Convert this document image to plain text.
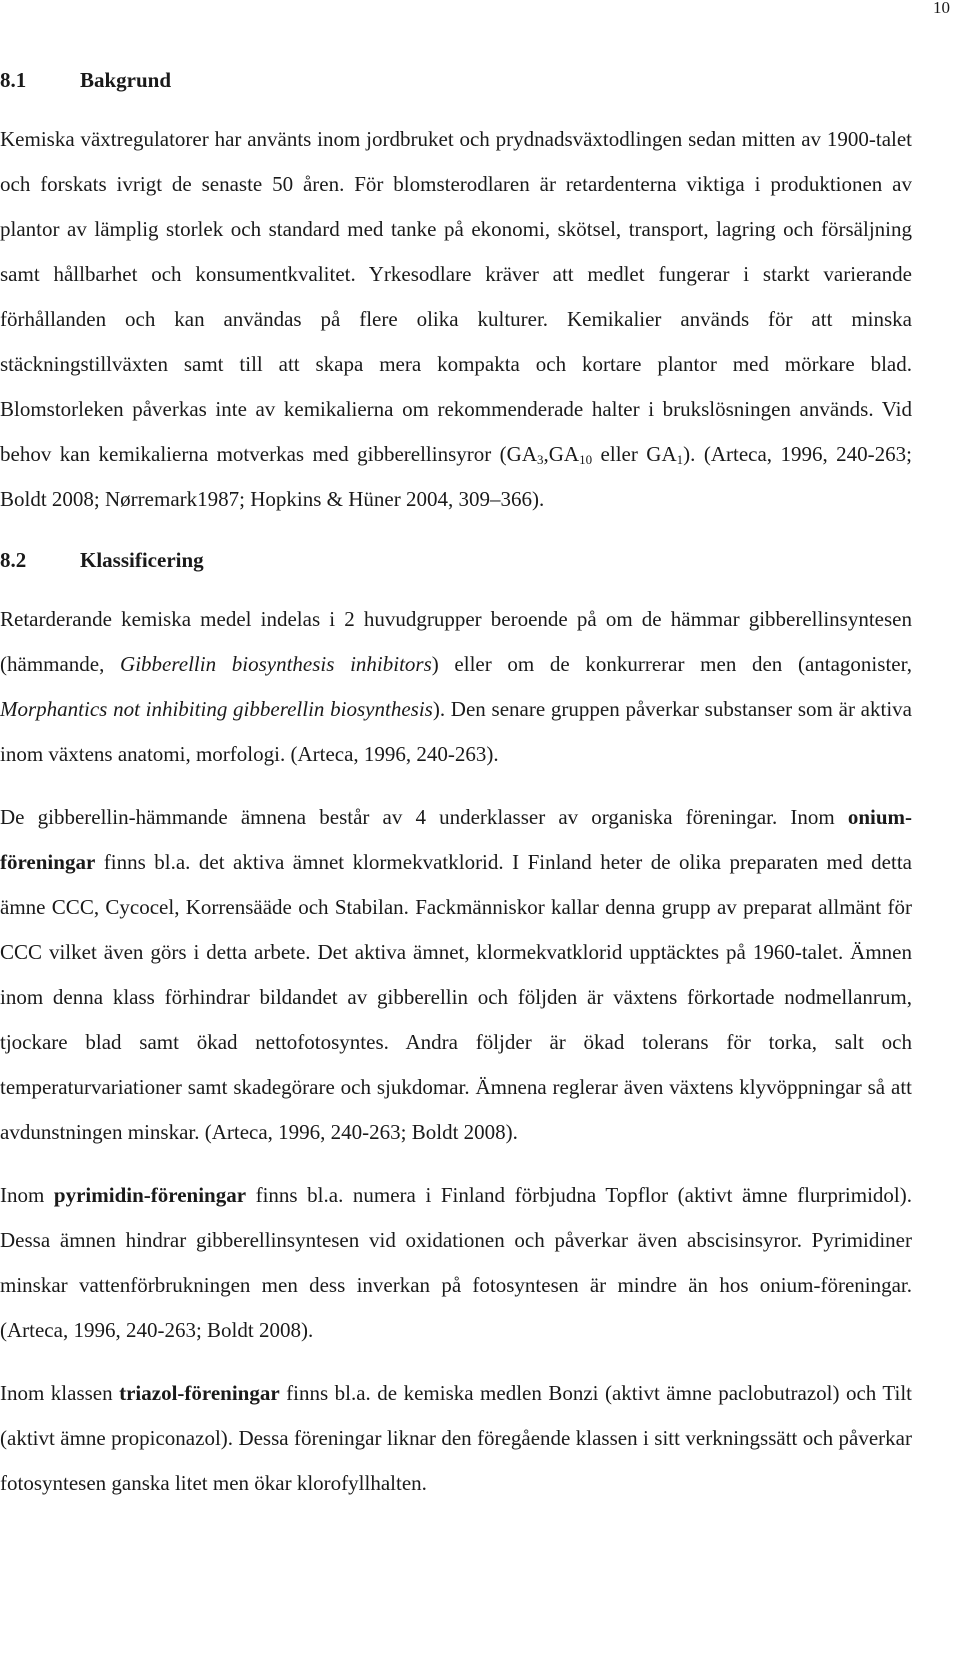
10
8.1	Bakgrund

Kemiska växtregulatorer har använts inom jordbruket och prydnadsväxtodlingen sedan mitten av 1900-talet och forskats ivrigt de senaste 50 åren. För blomsterodlaren är retardenterna viktiga i produktionen av plantor av lämplig storlek och standard med tanke på ekonomi, skötsel, transport, lagring och försäljning samt hållbarhet och konsumentkvalitet. Yrkesodlare kräver att medlet fungerar i starkt varierande förhållanden och kan användas på flere olika kulturer. Kemikalier används för att minska stäckningstillväxten samt till att skapa mera kompakta och kortare plantor med mörkare blad. Blomstorleken påverkas inte av kemikalierna om rekommenderade halter i brukslösningen används. Vid behov kan kemikalierna motverkas med gibberellinsyror ($GA_3,GA_{10}$ eller $GA_1$). (Arteca, 1996, 240-263; Boldt 2008; Nørremark1987; Hopkins & Hüner 2004, 309–366).

8.2	Klassificering

Retarderande kemiska medel indelas i 2 huvudgrupper beroende på om de hämmar gibberellinsyntesen (hämmande, Gibberellin biosynthesis inhibitors) eller om de konkurrerar men den (antagonister, Morphantics not inhibiting gibberellin biosynthesis). Den senare gruppen påverkar substanser som är aktiva inom växtens anatomi, morfologi. (Arteca, 1996, 240-263).

De gibberellin-hämmande ämnena består av 4 underklasser av organiska föreningar. Inom onium-föreningar finns bl.a. det aktiva ämnet klormekvatklorid. I Finland heter de olika preparaten med detta ämne CCC, Cycocel, Korrensääde och Stabilan. Fackmänniskor kallar denna grupp av preparat allmänt för CCC vilket även görs i detta arbete. Det aktiva ämnet, klormekvatklorid upptäcktes på 1960-talet. Ämnen inom denna klass förhindrar bildandet av gibberellin och följden är växtens förkortade nodmellanrum, tjockare blad samt ökad nettofotosyntes. Andra följder är ökad tolerans för torka, salt och temperaturvariationer samt skadegörare och sjukdomar. Ämnena reglerar även växtens klyvöppningar så att avdunstningen minskar. (Arteca, 1996, 240-263; Boldt 2008).

Inom pyrimidin-föreningar finns bl.a. numera i Finland förbjudna Topflor (aktivt ämne flurprimidol). Dessa ämnen hindrar gibberellinsyntesen vid oxidationen och påverkar även abscisinsyror. Pyrimidiner minskar vattenförbrukningen men dess inverkan på fotosyntesen är mindre än hos onium-föreningar. (Arteca, 1996, 240-263; Boldt 2008).

Inom klassen triazol-föreningar finns bl.a. de kemiska medlen Bonzi (aktivt ämne paclobutrazol) och Tilt (aktivt ämne propiconazol). Dessa föreningar liknar den föregående klassen i sitt verkningssätt och påverkar fotosyntesen ganska litet men ökar klorofyllhalten.
